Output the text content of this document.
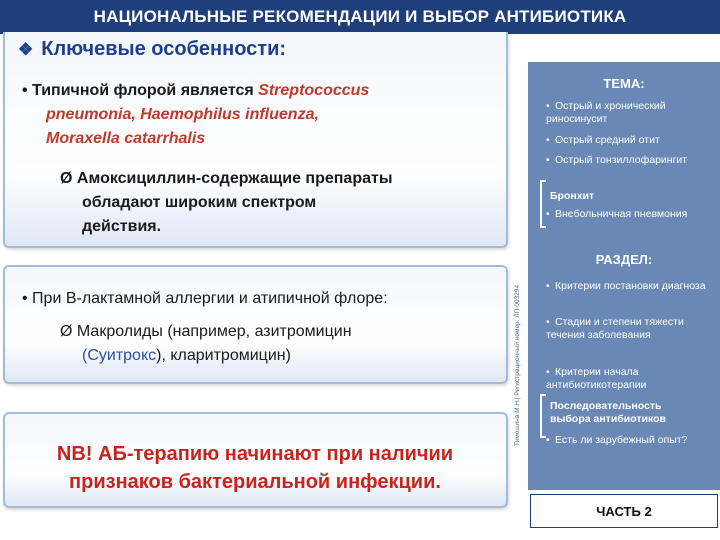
НАЦИОНАЛЬНЫЕ РЕКОМЕНДАЦИИ И ВЫБОР АНТИБИОТИКА
❖ Ключевые особенности:
• Типичной флорой является Streptococcus
pneumonia, Haemophilus influenza,
Moraxella catarrhalis
Ø Амоксициллин-содержащие препараты
обладают широким спектром
действия.
• При В-лактамной аллергии и атипичной флоре:
Ø Макролиды (например, азитромицин
(Суитрокс), кларитромицин)
NB! АБ-терапию начинают при наличии
признаков бактериальной инфекции.
Тимошина М.Н.| Регистрационный номер: ЛП-003294
ТЕМА:
• Острый и хронический риносинусит
• Острый средний отит
• Острый тонзиллофарингит
Бронхит
• Внебольничная пневмония
РАЗДЕЛ:
• Критерии постановки диагноза
• Стадии и степени тяжести течения заболевания
• Критерии начала антибиотикотерапии
Последовательность
выбора антибиотиков
• Есть ли зарубежный опыт?
ЧАСТЬ 2
